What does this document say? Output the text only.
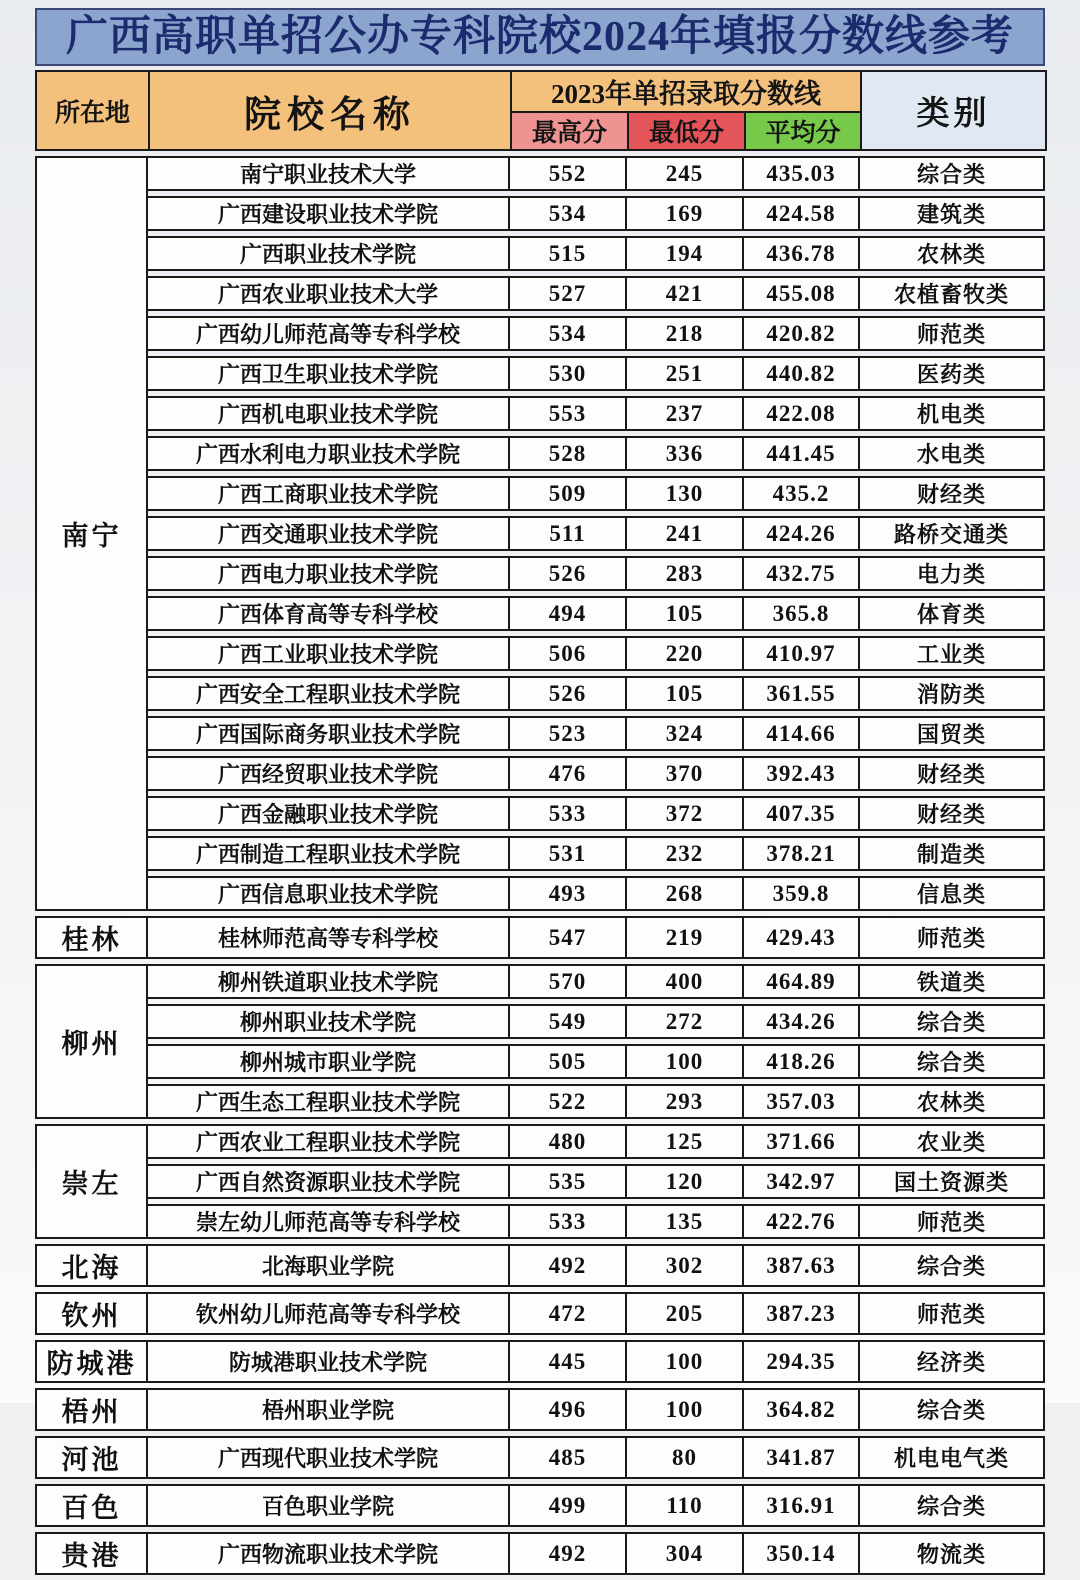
广西高职单招公办专科院校2024年填报分数线参考
所在地	院校名称	2023年单招录取分数线			类别
		最高分	最低分	平均分	
南宁	南宁职业技术大学	552	245	435.03	综合类
	广西建设职业技术学院	534	169	424.58	建筑类
	广西职业技术学院	515	194	436.78	农林类
	广西农业职业技术大学	527	421	455.08	农植畜牧类
	广西幼儿师范高等专科学校	534	218	420.82	师范类
	广西卫生职业技术学院	530	251	440.82	医药类
	广西机电职业技术学院	553	237	422.08	机电类
	广西水利电力职业技术学院	528	336	441.45	水电类
	广西工商职业技术学院	509	130	435.2	财经类
	广西交通职业技术学院	511	241	424.26	路桥交通类
	广西电力职业技术学院	526	283	432.75	电力类
	广西体育高等专科学校	494	105	365.8	体育类
	广西工业职业技术学院	506	220	410.97	工业类
	广西安全工程职业技术学院	526	105	361.55	消防类
	广西国际商务职业技术学院	523	324	414.66	国贸类
	广西经贸职业技术学院	476	370	392.43	财经类
	广西金融职业技术学院	533	372	407.35	财经类
	广西制造工程职业技术学院	531	232	378.21	制造类
	广西信息职业技术学院	493	268	359.8	信息类
桂林	桂林师范高等专科学校	547	219	429.43	师范类
柳州	柳州铁道职业技术学院	570	400	464.89	铁道类
	柳州职业技术学院	549	272	434.26	综合类
	柳州城市职业学院	505	100	418.26	综合类
	广西生态工程职业技术学院	522	293	357.03	农林类
崇左	广西农业工程职业技术学院	480	125	371.66	农业类
	广西自然资源职业技术学院	535	120	342.97	国土资源类
	崇左幼儿师范高等专科学校	533	135	422.76	师范类
北海	北海职业学院	492	302	387.63	综合类
钦州	钦州幼儿师范高等专科学校	472	205	387.23	师范类
防城港	防城港职业技术学院	445	100	294.35	经济类
梧州	梧州职业学院	496	100	364.82	综合类
河池	广西现代职业技术学院	485	80	341.87	机电电气类
百色	百色职业学院	499	110	316.91	综合类
贵港	广西物流职业技术学院	492	304	350.14	物流类
